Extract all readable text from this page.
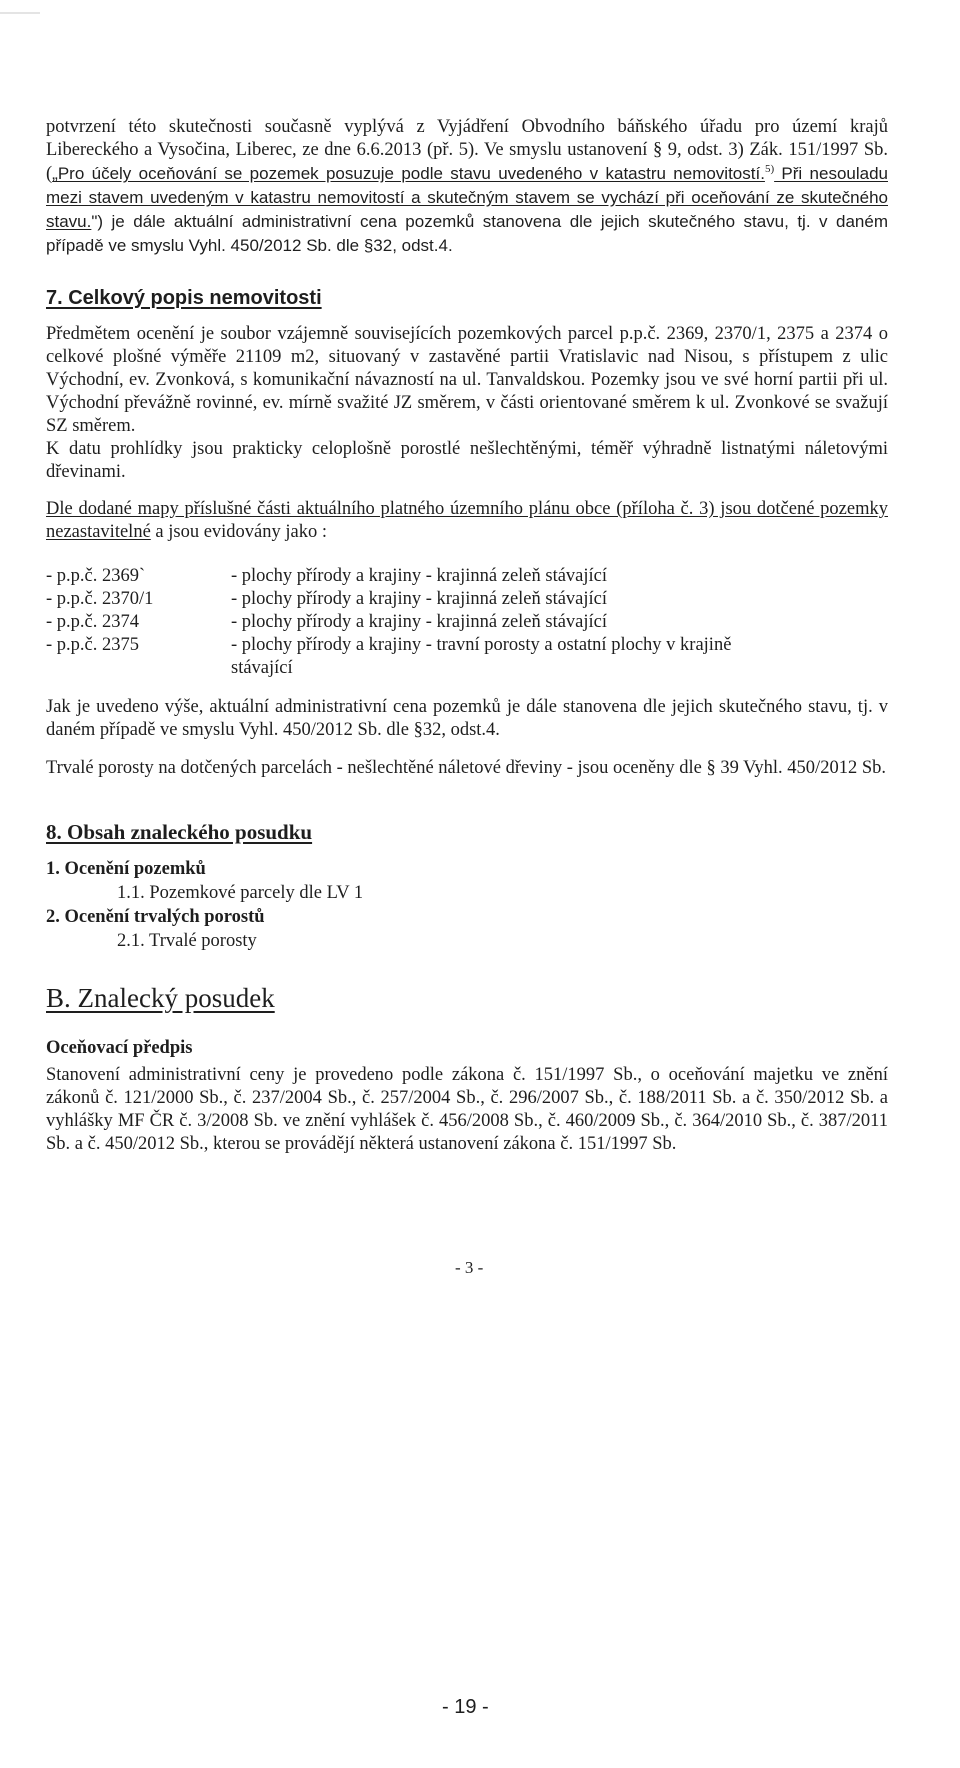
potvrzení této skutečnosti současně vyplývá z Vyjádření Obvodního báňského úřadu pro území krajů Libereckého a Vysočina, Liberec, ze dne 6.6.2013 (př. 5). Ve smyslu ustanovení § 9, odst. 3) Zák. 151/1997 Sb. („Pro účely oceňování se pozemek posuzuje podle stavu uvedeného v katastru nemovitostí.$^{5)}$ Při nesouladu mezi stavem uvedeným v katastru nemovitostí a skutečným stavem se vychází při oceňování ze skutečného stavu.") je dále aktuální administrativní cena pozemků stanovena dle jejich skutečného stavu, tj. v daném případě ve smyslu Vyhl. 450/2012 Sb. dle §32, odst.4.

7. Celkový popis nemovitosti

Předmětem ocenění je soubor vzájemně souvisejících pozemkových parcel p.p.č. 2369, 2370/1, 2375 a 2374 o celkové plošné výměře 21109 m2, situovaný v zastavěné partii Vratislavic nad Nisou, s přístupem z ulic Východní, ev. Zvonková, s komunikační návazností na ul. Tanvaldskou. Pozemky jsou ve své horní partii při ul. Východní převážně rovinné, ev. mírně svažité JZ směrem, v části orientované směrem k ul. Zvonkové se svažují SZ směrem.

K datu prohlídky jsou prakticky celoplošně porostlé nešlechtěnými, téměř výhradně listnatými náletovými dřevinami.

Dle dodané mapy příslušné části aktuálního platného územního plánu obce (příloha č. 3) jsou dotčené pozemky nezastavitelné a jsou evidovány jako :

- p.p.č. 2369`	- plochy přírody a krajiny - krajinná zeleň stávající
- p.p.č. 2370/1	- plochy přírody a krajiny - krajinná zeleň stávající
- p.p.č. 2374	- plochy přírody a krajiny - krajinná zeleň stávající
- p.p.č. 2375	- plochy přírody a krajiny - travní porosty a ostatní plochy v krajině stávající

Jak je uvedeno výše, aktuální administrativní cena pozemků je dále stanovena dle jejich skutečného stavu, tj. v daném případě ve smyslu Vyhl. 450/2012 Sb. dle §32, odst.4.

Trvalé porosty na dotčených parcelách - nešlechtěné náletové dřeviny - jsou oceněny dle § 39 Vyhl. 450/2012 Sb.

8. Obsah znaleckého posudku
1. Ocenění pozemků
1.1. Pozemkové parcely dle LV 1
2. Ocenění trvalých porostů
2.1. Trvalé porosty
B. Znalecký posudek
Oceňovací předpis

Stanovení administrativní ceny je provedeno podle zákona č. 151/1997 Sb., o oceňování majetku ve znění zákonů č. 121/2000 Sb., č. 237/2004 Sb., č. 257/2004 Sb., č. 296/2007 Sb., č. 188/2011 Sb. a č. 350/2012 Sb. a vyhlášky MF ČR č. 3/2008 Sb. ve znění vyhlášek č. 456/2008 Sb., č. 460/2009 Sb., č. 364/2010 Sb., č. 387/2011 Sb. a č. 450/2012 Sb., kterou se provádějí některá ustanovení zákona č. 151/1997 Sb.

- 3 -
- 19 -
